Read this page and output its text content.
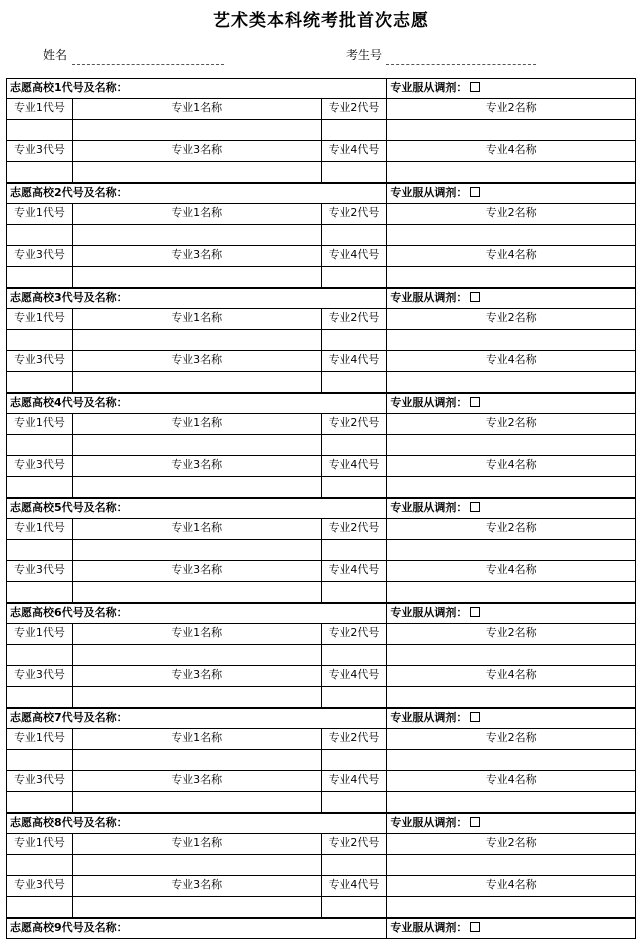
艺术类本科统考批首次志愿
姓名	考生号
志愿高校1代号及名称：	专业服从调剂：
专业1代号	专业1名称	专业2代号	专业2名称
专业3代号	专业3名称	专业4代号	专业4名称
志愿高校2代号及名称：	专业服从调剂：
专业1代号	专业1名称	专业2代号	专业2名称
专业3代号	专业3名称	专业4代号	专业4名称
志愿高校3代号及名称：	专业服从调剂：
专业1代号	专业1名称	专业2代号	专业2名称
专业3代号	专业3名称	专业4代号	专业4名称
志愿高校4代号及名称：	专业服从调剂：
专业1代号	专业1名称	专业2代号	专业2名称
专业3代号	专业3名称	专业4代号	专业4名称
志愿高校5代号及名称：	专业服从调剂：
专业1代号	专业1名称	专业2代号	专业2名称
专业3代号	专业3名称	专业4代号	专业4名称
志愿高校6代号及名称：	专业服从调剂：
专业1代号	专业1名称	专业2代号	专业2名称
专业3代号	专业3名称	专业4代号	专业4名称
志愿高校7代号及名称：	专业服从调剂：
专业1代号	专业1名称	专业2代号	专业2名称
专业3代号	专业3名称	专业4代号	专业4名称
志愿高校8代号及名称：	专业服从调剂：
专业1代号	专业1名称	专业2代号	专业2名称
专业3代号	专业3名称	专业4代号	专业4名称
志愿高校9代号及名称：	专业服从调剂：
